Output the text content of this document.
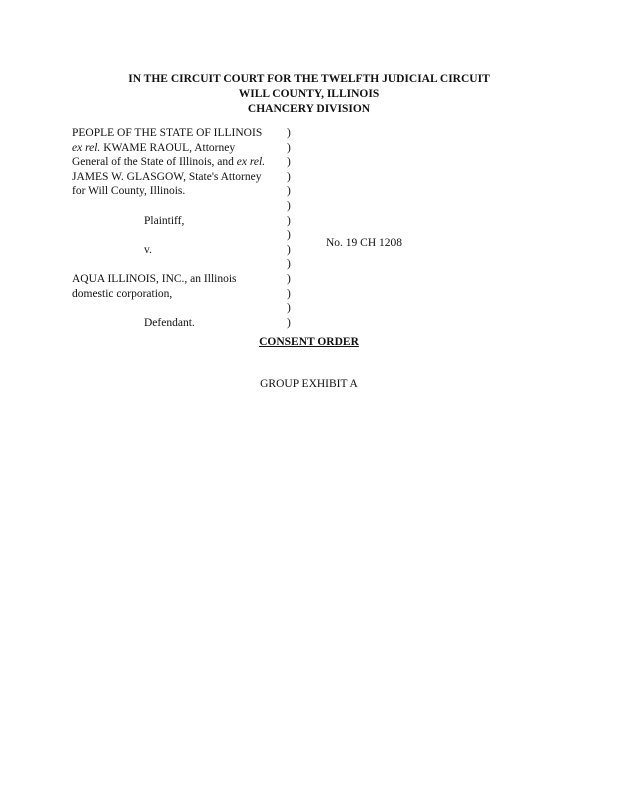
IN THE CIRCUIT COURT FOR THE TWELFTH JUDICIAL CIRCUIT
WILL COUNTY, ILLINOIS
CHANCERY DIVISION
PEOPLE OF THE STATE OF ILLINOIS
ex rel. KWAME RAOUL, Attorney
General of the State of Illinois, and ex rel.
JAMES W. GLASGOW, State's Attorney
for Will County, Illinois.
Plaintiff,
v.
AQUA ILLINOIS, INC., an Illinois
domestic corporation,
Defendant.
)
)
)
)
)
)
)
)
)
)
)
)
)
)
No. 19 CH 1208
CONSENT ORDER
GROUP EXHIBIT A
